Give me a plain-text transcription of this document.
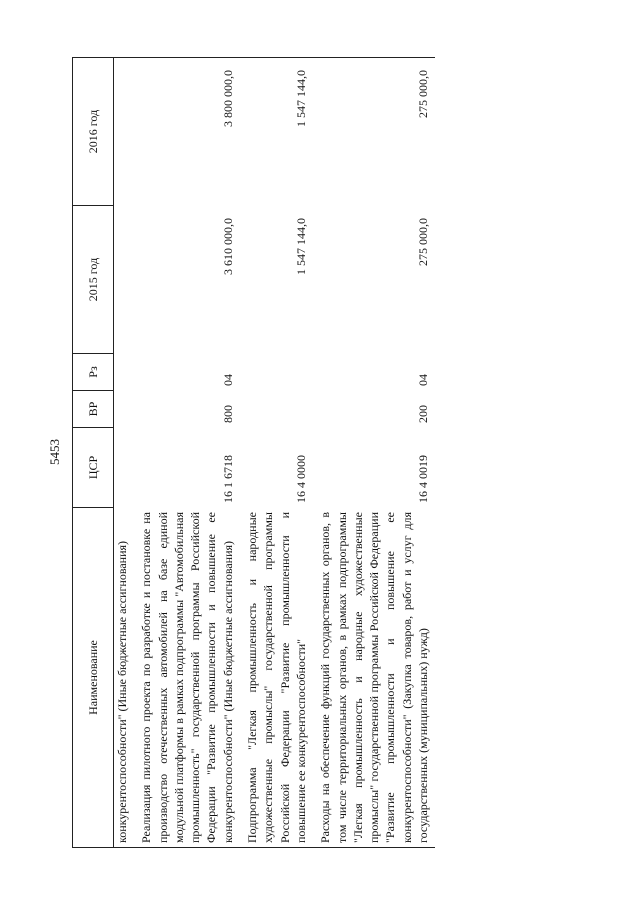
5453
Наименование	ЦСР	ВР	Рз	2015 год	2016 год
конкурентоспособности" (Иные бюджетные ассигнования)					
Реализация пилотного проекта по разработке и постановке на производство отечественных автомобилей на базе единой модульной платформы в рамках подпрограммы "Автомобильная промышленность" государственной программы Российской Федерации "Развитие промышленности и повышение ее конкурентоспособности" (Иные бюджетные ассигнования)	16 1 6718	800	04	3 610 000,0	3 800 000,0
Подпрограмма "Легкая промышленность и народные художественные промыслы" государственной программы Российской Федерации "Развитие промышленности и повышение ее конкурентоспособности"	16 4 0000			1 547 144,0	1 547 144,0
Расходы на обеспечение функций государственных органов, в том числе территориальных органов, в рамках подпрограммы "Легкая промышленность и народные художественные промыслы" государственной программы Российской Федерации "Развитие промышленности и повышение ее конкурентоспособности" (Закупка товаров, работ и услуг для государственных (муниципальных) нужд)	16 4 0019	200	04	275 000,0	275 000,0
